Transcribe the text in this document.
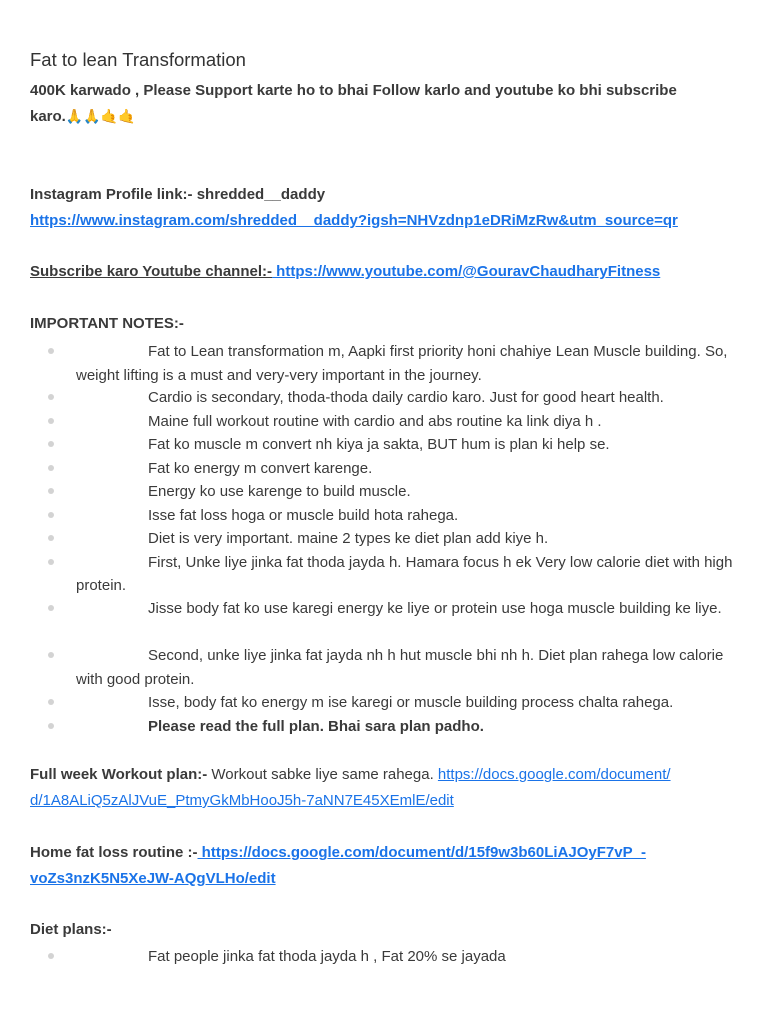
Fat to lean Transformation
400K karwado , Please Support karte ho to bhai Follow karlo and youtube ko bhi subscribe
karo.🙏🙏🤙🤙
Instagram Profile link:- shredded__daddy
https://www.instagram.com/shredded__daddy?igsh=NHVzdnp1eDRiMzRw&utm_source=qr
Subscribe karo Youtube channel:- https://www.youtube.com/@GouravChaudharyFitness
IMPORTANT NOTES:-
Fat to Lean transformation m, Aapki first priority honi chahiye Lean Muscle building. So, weight lifting is a must and very-very important in the journey.
Cardio is secondary, thoda-thoda daily cardio karo. Just for good heart health.
Maine full workout routine with cardio and abs routine ka link diya h .
Fat ko muscle m convert nh kiya ja sakta, BUT hum is plan ki help se.
Fat ko energy m convert karenge.
Energy ko use karenge to build muscle.
Isse fat loss hoga or muscle build hota rahega.
Diet is very important. maine 2 types ke diet plan add kiye h.
First, Unke liye jinka fat thoda jayda h. Hamara focus h ek Very low calorie diet with high protein.
Jisse body fat ko use karegi energy ke liye or protein use hoga muscle building ke liye.
Second, unke liye jinka fat jayda nh h hut muscle bhi nh h. Diet plan rahega low calorie with good protein.
Isse, body fat ko energy m ise karegi or muscle building process chalta rahega.
Please read the full plan. Bhai sara plan padho.
Full week Workout plan:- Workout sabke liye same rahega. https://docs.google.com/document/
d/1A8ALiQ5zAlJVuE_PtmyGkMbHooJ5h-7aNN7E45XEmlE/edit
Home fat loss routine :- https://docs.google.com/document/d/15f9w3b60LiAJOyF7vP_-
voZs3nzK5N5XeJW-AQgVLHo/edit
Diet plans:-
Fat people jinka fat thoda jayda h , Fat 20% se jayada
